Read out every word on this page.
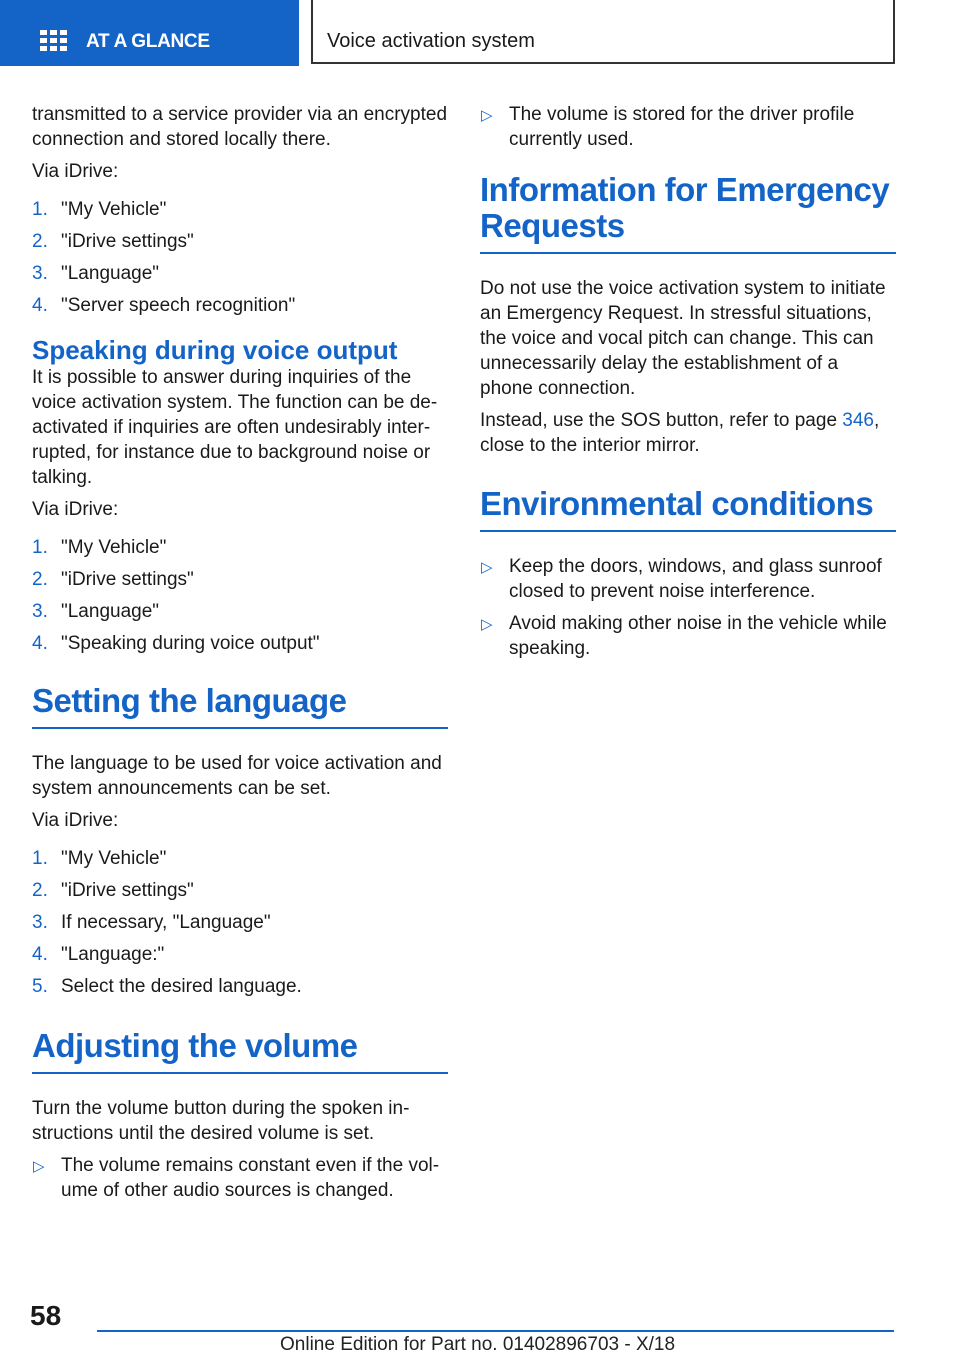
AT A GLANCE	Voice activation system

transmitted to a service provider via an encrypted connection and stored locally there.

Via iDrive:

1. "My Vehicle"
2. "iDrive settings"
3. "Language"
4. "Server speech recognition"
Speaking during voice output

It is possible to answer during inquiries of the voice activation system. The function can be de‐activated if inquiries are often undesirably inter‐rupted, for instance due to background noise or talking.

Via iDrive:

1. "My Vehicle"
2. "iDrive settings"
3. "Language"
4. "Speaking during voice output"
Setting the language

The language to be used for voice activation and system announcements can be set.

Via iDrive:

1. "My Vehicle"
2. "iDrive settings"
3. If necessary, "Language"
4. "Language:"
5. Select the desired language.
Adjusting the volume

Turn the volume button during the spoken in‐structions until the desired volume is set.

▷ The volume remains constant even if the vol‐ume of other audio sources is changed.
▷ The volume is stored for the driver profile currently used.
Information for Emergency Requests

Do not use the voice activation system to initiate an Emergency Request. In stressful situations, the voice and vocal pitch can change. This can unnecessarily delay the establishment of a phone connection.

Instead, use the SOS button, refer to page 346,
close to the interior mirror.

Environmental conditions
▷ Keep the doors, windows, and glass sunroof closed to prevent noise interference.
▷ Avoid making other noise in the vehicle while speaking.
58
Online Edition for Part no. 01402896703 - X/18
